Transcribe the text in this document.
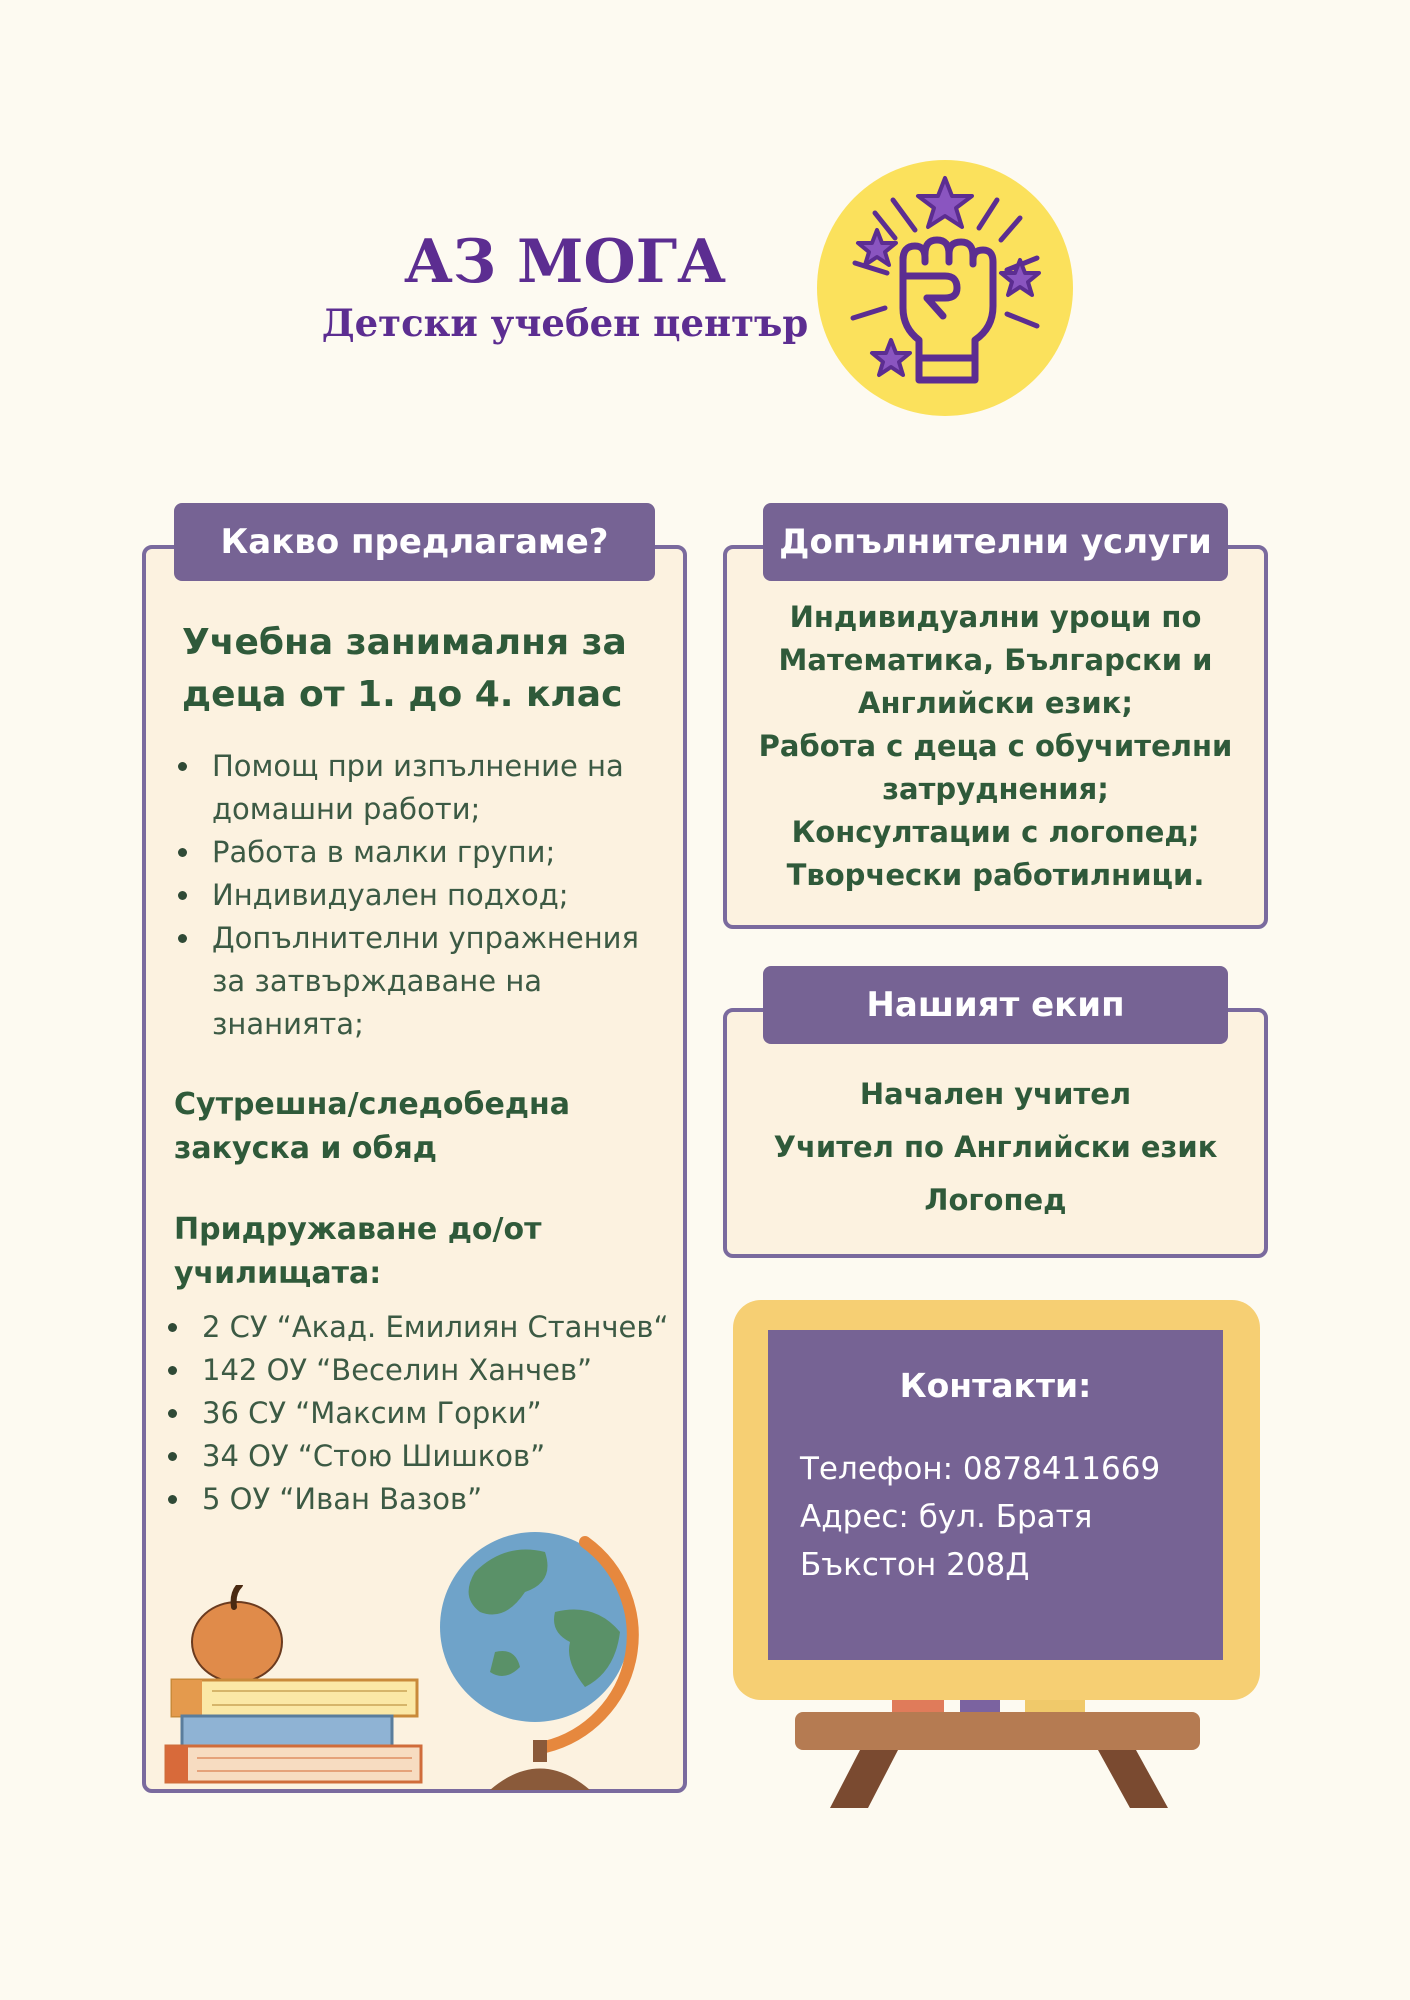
АЗ МОГА
Детски учебен център
Какво предлагаме?
Учебна занималня за
деца от 1. до 4. клас
Помощ при изпълнение на
домашни работи;
Работа в малки групи;
Индивидуален подход;
Допълнителни упражнения
за затвърждаване на
знанията;
Сутрешна/следобедна
закуска и обяд
Придружаване до/от
училищата:
2 СУ “Акад. Емилиян Станчев“
142 ОУ “Веселин Ханчев”
36 СУ “Максим Горки”
34 ОУ “Стою Шишков”
5 ОУ “Иван Вазов”
Допълнителни услуги
Индивидуални уроци по
Математика, Български и
Английски език;
Работа с деца с обучителни
затруднения;
Консултации с логопед;
Творчески работилници.
Нашият екип
Начален учител
Учител по Английски език
Логопед
Контакти:
Телефон: 0878411669
Адрес: бул. Братя
Бъкстон 208Д
